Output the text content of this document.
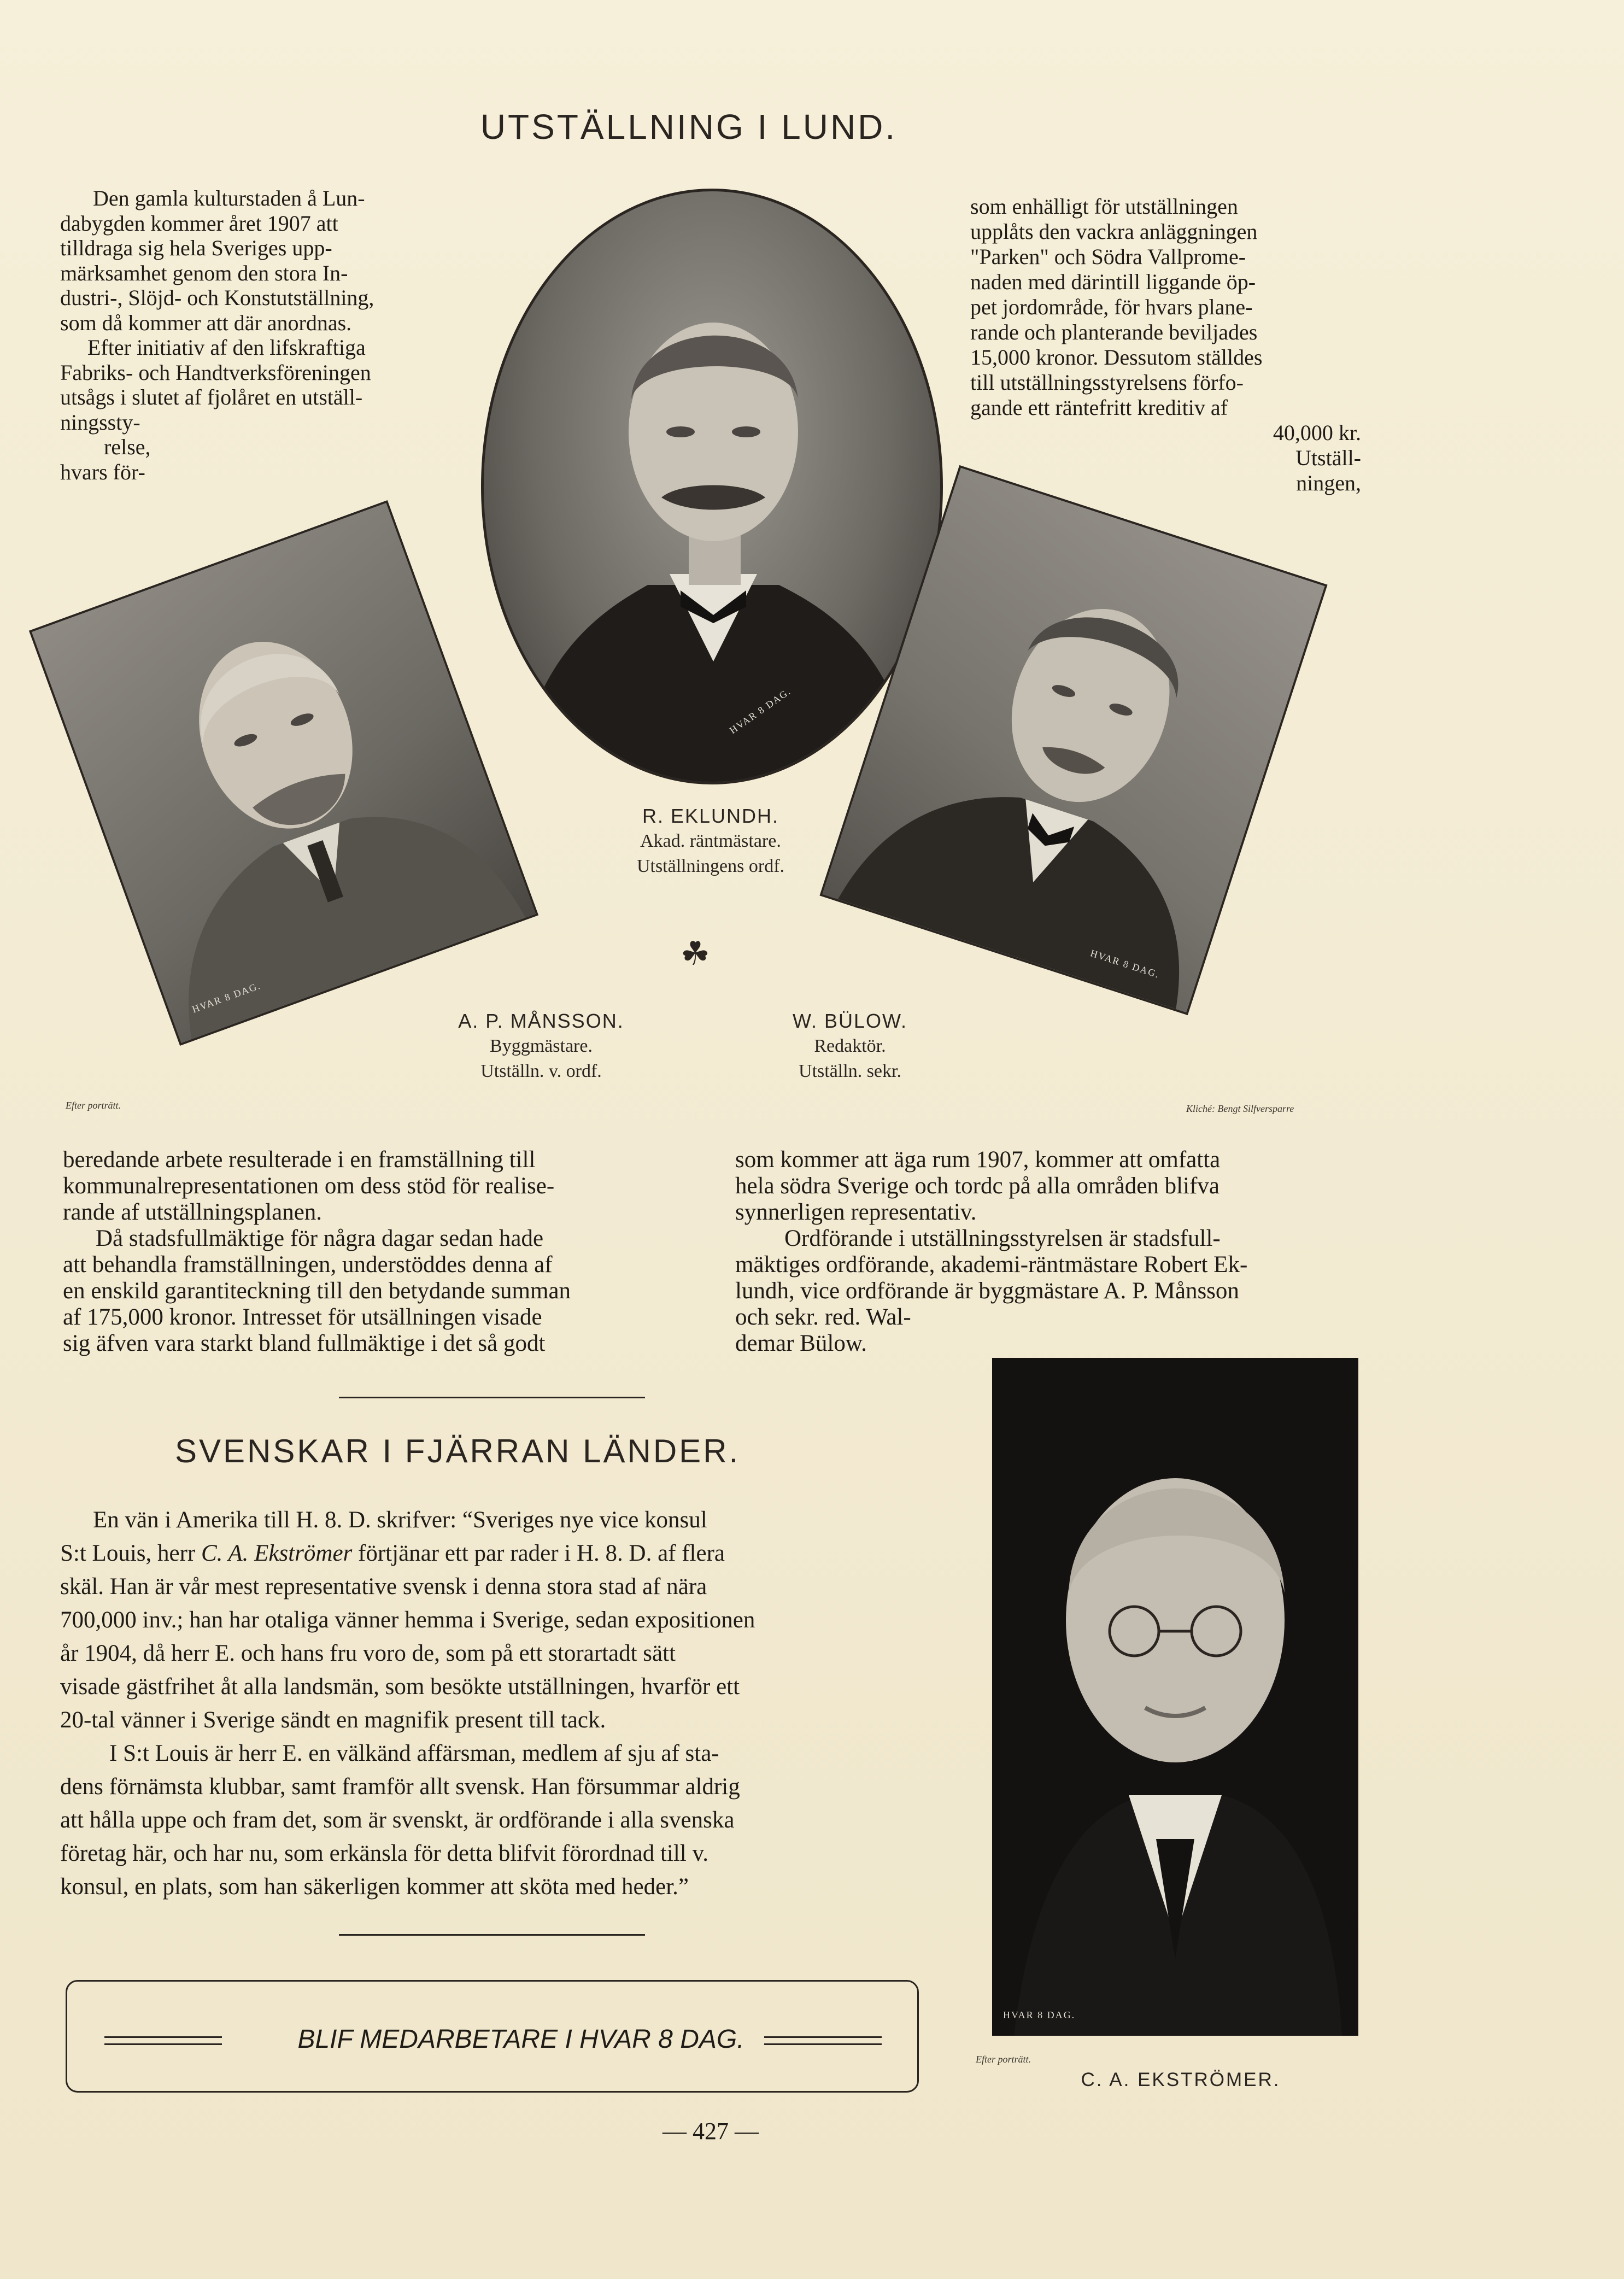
UTSTÄLLNING I LUND.

Den gamla kulturstaden å Lun-

dabygden kommer året 1907 att

tilldraga sig hela Sveriges upp-

märksamhet genom den stora In-

dustri-, Slöjd- och Konstutställning,

som då kommer att där anordnas.

Efter initiativ af den lifskraftiga

Fabriks- och Handtverksföreningen

utsågs i slutet af fjolåret en utställ-

ningssty-

relse,

hvars för-

som enhälligt för utställningen

upplåts den vackra anläggningen

"Parken" och Södra Vallprome-

naden med därintill liggande öp-

pet jordområde, för hvars plane-

rande och planterande beviljades

15,000 kronor. Dessutom ställdes

till utställningsstyrelsens förfo-

gande ett räntefritt kreditiv af

40,000 kr.

Utställ-

ningen,

HVAR 8 DAG.
HVAR 8 DAG.
HVAR 8 DAG.
R. EKLUNDH.
Akad. räntmästare.
Utställningens ordf.
☘
A. P. MÅNSSON.
Byggmästare.
Utställn. v. ordf.
W. BÜLOW.
Redaktör.
Utställn. sekr.
Efter porträtt.	Kliché: Bengt Silfversparre

beredande arbete resulterade i en framställning till

kommunalrepresentationen om dess stöd för realise-

rande af utställningsplanen.

Då stadsfullmäktige för några dagar sedan hade

att behandla framställningen, understöddes denna af

en enskild garantiteckning till den betydande summan

af 175,000 kronor. Intresset för utsällningen visade

sig äfven vara starkt bland fullmäktige i det så godt

som kommer att äga rum 1907, kommer att omfatta

hela södra Sverige och tordc på alla områden blifva

synnerligen representativ.

Ordförande i utställningsstyrelsen är stadsfull-

mäktiges ordförande, akademi-räntmästare Robert Ek-

lundh, vice ordförande är byggmästare A. P. Månsson

och sekr. red. Wal-

demar Bülow.

SVENSKAR I FJÄRRAN LÄNDER.

En vän i Amerika till H. 8. D. skrifver: “Sveriges nye vice konsul

S:t Louis, herr C. A. Ekströmer förtjänar ett par rader i H. 8. D. af flera

skäl. Han är vår mest representative svensk i denna stora stad af nära

700,000 inv.; han har otaliga vänner hemma i Sverige, sedan expositionen

år 1904, då herr E. och hans fru voro de, som på ett storartadt sätt

visade gästfrihet åt alla landsmän, som besökte utställningen, hvarför ett

20-tal vänner i Sverige sändt en magnifik present till tack.

I S:t Louis är herr E. en välkänd affärsman, medlem af sju af sta-

dens förnämsta klubbar, samt framför allt svensk. Han försummar aldrig

att hålla uppe och fram det, som är svenskt, är ordförande i alla svenska

företag här, och har nu, som erkänsla för detta blifvit förordnad till v.

konsul, en plats, som han säkerligen kommer att sköta med heder.”

HVAR 8 DAG.
Efter porträtt.
C. A. EKSTRÖMER.
BLIF MEDARBETARE I HVAR 8 DAG.
— 427 —
